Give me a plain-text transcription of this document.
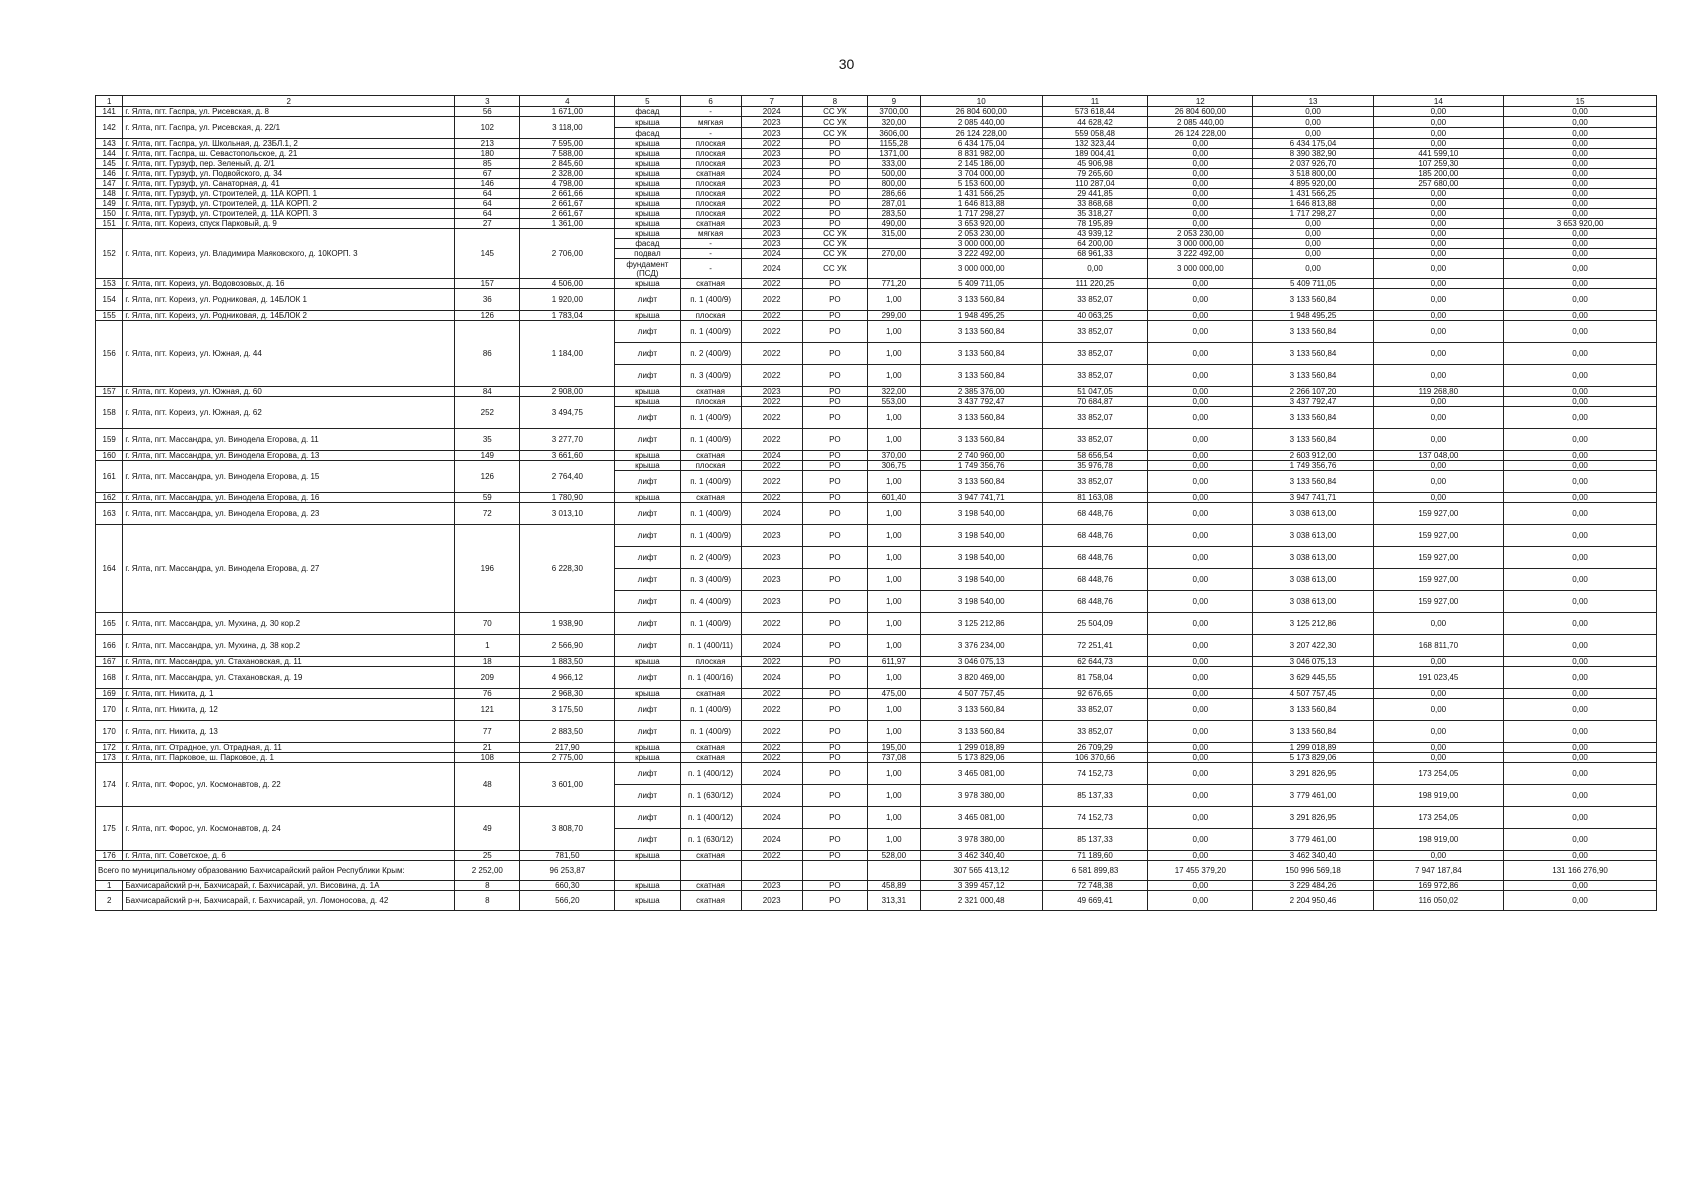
30
1	2	3	4	5	6	7	8	9	10	11	12	13	14	15
141	г. Ялта, пгт. Гаспра, ул. Рисевская, д. 8	56	1 671,00	фасад	-	2024	СС УК	3700,00	26 804 600,00	573 618,44	26 804 600,00	0,00	0,00	0,00
142	г. Ялта, пгт. Гаспра, ул. Рисевская, д. 22/1	102	3 118,00	крыша	мягкая	2023	СС УК	320,00	2 085 440,00	44 628,42	2 085 440,00	0,00	0,00	0,00
				фасад	-	2023	СС УК	3606,00	26 124 228,00	559 058,48	26 124 228,00	0,00	0,00	0,00
143	г. Ялта, пгт. Гаспра, ул. Школьная, д. 23БЛ.1, 2	213	7 595,00	крыша	плоская	2022	РО	1155,28	6 434 175,04	132 323,44	0,00	6 434 175,04	0,00	0,00
144	г. Ялта, пгт. Гаспра, ш. Севастопольское, д. 21	180	7 588,00	крыша	плоская	2023	РО	1371,00	8 831 982,00	189 004,41	0,00	8 390 382,90	441 599,10	0,00
145	г. Ялта, пгт. Гурзуф, пер. Зеленый, д. 2/1	85	2 845,60	крыша	плоская	2023	РО	333,00	2 145 186,00	45 906,98	0,00	2 037 926,70	107 259,30	0,00
146	г. Ялта, пгт. Гурзуф, ул. Подвойского, д. 34	67	2 328,00	крыша	скатная	2024	РО	500,00	3 704 000,00	79 265,60	0,00	3 518 800,00	185 200,00	0,00
147	г. Ялта, пгт. Гурзуф, ул. Санаторная, д. 41	146	4 798,00	крыша	плоская	2023	РО	800,00	5 153 600,00	110 287,04	0,00	4 895 920,00	257 680,00	0,00
148	г. Ялта, пгт. Гурзуф, ул. Строителей, д. 11А КОРП. 1	64	2 661,66	крыша	плоская	2022	РО	286,66	1 431 566,25	29 441,85	0,00	1 431 566,25	0,00	0,00
149	г. Ялта, пгт. Гурзуф, ул. Строителей, д. 11А КОРП. 2	64	2 661,67	крыша	плоская	2022	РО	287,01	1 646 813,88	33 868,68	0,00	1 646 813,88	0,00	0,00
150	г. Ялта, пгт. Гурзуф, ул. Строителей, д. 11А КОРП. 3	64	2 661,67	крыша	плоская	2022	РО	283,50	1 717 298,27	35 318,27	0,00	1 717 298,27	0,00	0,00
151	г. Ялта, пгт. Кореиз, спуск Парковый, д. 9	27	1 361,00	крыша	скатная	2023	РО	490,00	3 653 920,00	78 195,89	0,00	0,00	0,00	3 653 920,00
152	г. Ялта, пгт. Кореиз, ул. Владимира Маяковского, д. 10КОРП. 3	145	2 706,00	крыша	мягкая	2023	СС УК	315,00	2 053 230,00	43 939,12	2 053 230,00	0,00	0,00	0,00
				фасад	-	2023	СС УК		3 000 000,00	64 200,00	3 000 000,00	0,00	0,00	0,00
				подвал	-	2024	СС УК	270,00	3 222 492,00	68 961,33	3 222 492,00	0,00	0,00	0,00
				фундамент (ПСД)	-	2024	СС УК		3 000 000,00	0,00	3 000 000,00	0,00	0,00	0,00
153	г. Ялта, пгт. Кореиз, ул. Водовозовых, д. 16	157	4 506,00	крыша	скатная	2022	РО	771,20	5 409 711,05	111 220,25	0,00	5 409 711,05	0,00	0,00
154	г. Ялта, пгт. Кореиз, ул. Родниковая, д. 14БЛОК 1	36	1 920,00	лифт	п. 1 (400/9)	2022	РО	1,00	3 133 560,84	33 852,07	0,00	3 133 560,84	0,00	0,00
155	г. Ялта, пгт. Кореиз, ул. Родниковая, д. 14БЛОК 2	126	1 783,04	крыша	плоская	2022	РО	299,00	1 948 495,25	40 063,25	0,00	1 948 495,25	0,00	0,00
156	г. Ялта, пгт. Кореиз, ул. Южная, д. 44	86	1 184,00	лифт	п. 1 (400/9)	2022	РО	1,00	3 133 560,84	33 852,07	0,00	3 133 560,84	0,00	0,00
				лифт	п. 2 (400/9)	2022	РО	1,00	3 133 560,84	33 852,07	0,00	3 133 560,84	0,00	0,00
				лифт	п. 3 (400/9)	2022	РО	1,00	3 133 560,84	33 852,07	0,00	3 133 560,84	0,00	0,00
157	г. Ялта, пгт. Кореиз, ул. Южная, д. 60	84	2 908,00	крыша	скатная	2023	РО	322,00	2 385 376,00	51 047,05	0,00	2 266 107,20	119 268,80	0,00
158	г. Ялта, пгт. Кореиз, ул. Южная, д. 62	252	3 494,75	крыша	плоская	2022	РО	553,00	3 437 792,47	70 684,87	0,00	3 437 792,47	0,00	0,00
				лифт	п. 1 (400/9)	2022	РО	1,00	3 133 560,84	33 852,07	0,00	3 133 560,84	0,00	0,00
159	г. Ялта, пгт. Массандра, ул. Винодела Егорова, д. 11	35	3 277,70	лифт	п. 1 (400/9)	2022	РО	1,00	3 133 560,84	33 852,07	0,00	3 133 560,84	0,00	0,00
160	г. Ялта, пгт. Массандра, ул. Винодела Егорова, д. 13	149	3 661,60	крыша	скатная	2024	РО	370,00	2 740 960,00	58 656,54	0,00	2 603 912,00	137 048,00	0,00
161	г. Ялта, пгт. Массандра, ул. Винодела Егорова, д. 15	126	2 764,40	крыша	плоская	2022	РО	306,75	1 749 356,76	35 976,78	0,00	1 749 356,76	0,00	0,00
				лифт	п. 1 (400/9)	2022	РО	1,00	3 133 560,84	33 852,07	0,00	3 133 560,84	0,00	0,00
162	г. Ялта, пгт. Массандра, ул. Винодела Егорова, д. 16	59	1 780,90	крыша	скатная	2022	РО	601,40	3 947 741,71	81 163,08	0,00	3 947 741,71	0,00	0,00
163	г. Ялта, пгт. Массандра, ул. Винодела Егорова, д. 23	72	3 013,10	лифт	п. 1 (400/9)	2024	РО	1,00	3 198 540,00	68 448,76	0,00	3 038 613,00	159 927,00	0,00
164	г. Ялта, пгт. Массандра, ул. Винодела Егорова, д. 27	196	6 228,30	лифт	п. 1 (400/9)	2023	РО	1,00	3 198 540,00	68 448,76	0,00	3 038 613,00	159 927,00	0,00
				лифт	п. 2 (400/9)	2023	РО	1,00	3 198 540,00	68 448,76	0,00	3 038 613,00	159 927,00	0,00
				лифт	п. 3 (400/9)	2023	РО	1,00	3 198 540,00	68 448,76	0,00	3 038 613,00	159 927,00	0,00
				лифт	п. 4 (400/9)	2023	РО	1,00	3 198 540,00	68 448,76	0,00	3 038 613,00	159 927,00	0,00
165	г. Ялта, пгт. Массандра, ул. Мухина, д. 30 кор.2	70	1 938,90	лифт	п. 1 (400/9)	2022	РО	1,00	3 125 212,86	25 504,09	0,00	3 125 212,86	0,00	0,00
166	г. Ялта, пгт. Массандра, ул. Мухина, д. 38 кор.2	1	2 566,90	лифт	п. 1 (400/11)	2024	РО	1,00	3 376 234,00	72 251,41	0,00	3 207 422,30	168 811,70	0,00
167	г. Ялта, пгт. Массандра, ул. Стахановская, д. 11	18	1 883,50	крыша	плоская	2022	РО	611,97	3 046 075,13	62 644,73	0,00	3 046 075,13	0,00	0,00
168	г. Ялта, пгт. Массандра, ул. Стахановская, д. 19	209	4 966,12	лифт	п. 1 (400/16)	2024	РО	1,00	3 820 469,00	81 758,04	0,00	3 629 445,55	191 023,45	0,00
169	г. Ялта, пгт. Никита, д. 1	76	2 968,30	крыша	скатная	2022	РО	475,00	4 507 757,45	92 676,65	0,00	4 507 757,45	0,00	0,00
170	г. Ялта, пгт. Никита, д. 12	121	3 175,50	лифт	п. 1 (400/9)	2022	РО	1,00	3 133 560,84	33 852,07	0,00	3 133 560,84	0,00	0,00
170	г. Ялта, пгт. Никита, д. 13	77	2 883,50	лифт	п. 1 (400/9)	2022	РО	1,00	3 133 560,84	33 852,07	0,00	3 133 560,84	0,00	0,00
172	г. Ялта, пгт. Отрадное, ул. Отрадная, д. 11	21	217,90	крыша	скатная	2022	РО	195,00	1 299 018,89	26 709,29	0,00	1 299 018,89	0,00	0,00
173	г. Ялта, пгт. Парковое, ш. Парковое, д. 1	108	2 775,00	крыша	скатная	2022	РО	737,08	5 173 829,06	106 370,66	0,00	5 173 829,06	0,00	0,00
174	г. Ялта, пгт. Форос, ул. Космонавтов, д. 22	48	3 601,00	лифт	п. 1 (400/12)	2024	РО	1,00	3 465 081,00	74 152,73	0,00	3 291 826,95	173 254,05	0,00
				лифт	п. 1 (630/12)	2024	РО	1,00	3 978 380,00	85 137,33	0,00	3 779 461,00	198 919,00	0,00
175	г. Ялта, пгт. Форос, ул. Космонавтов, д. 24	49	3 808,70	лифт	п. 1 (400/12)	2024	РО	1,00	3 465 081,00	74 152,73	0,00	3 291 826,95	173 254,05	0,00
				лифт	п. 1 (630/12)	2024	РО	1,00	3 978 380,00	85 137,33	0,00	3 779 461,00	198 919,00	0,00
176	г. Ялта, пгт. Советское, д. 6	25	781,50	крыша	скатная	2022	РО	528,00	3 462 340,40	71 189,60	0,00	3 462 340,40	0,00	0,00
Всего по муниципальному образованию Бахчисарайский район Республики Крым:		2 252,00	96 253,87						307 565 413,12	6 581 899,83	17 455 379,20	150 996 569,18	7 947 187,84	131 166 276,90
1	Бахчисарайский р-н, Бахчисарай, г. Бахчисарай, ул. Висовина, д. 1А	8	660,30	крыша	скатная	2023	РО	458,89	3 399 457,12	72 748,38	0,00	3 229 484,26	169 972,86	0,00
2	Бахчисарайский р-н, Бахчисарай, г. Бахчисарай, ул. Ломоносова, д. 42	8	566,20	крыша	скатная	2023	РО	313,31	2 321 000,48	49 669,41	0,00	2 204 950,46	116 050,02	0,00
